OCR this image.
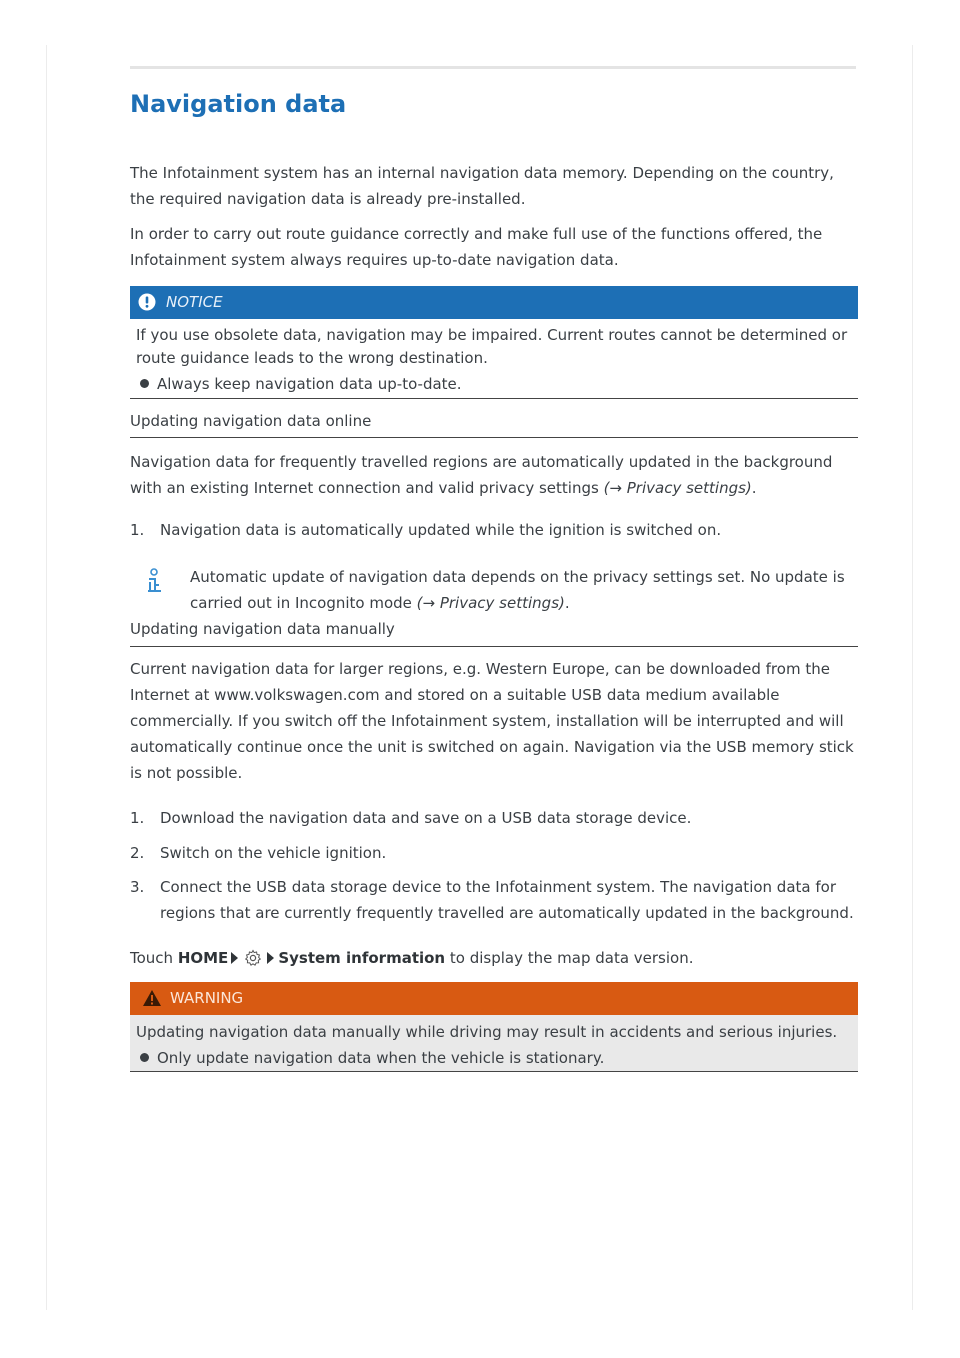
Navigation data

The Infotainment system has an internal navigation data memory. Depending on the country, the required navigation data is already pre-installed.

In order to carry out route guidance correctly and make full use of the functions offered, the Infotainment system always requires up-to-date navigation data.

NOTICE
If you use obsolete data, navigation may be impaired. Current routes cannot be determined or route guidance leads to the wrong destination.
Always keep navigation data up-to-date.
Updating navigation data online

Navigation data for frequently travelled regions are automatically updated in the background with an existing Internet connection and valid privacy settings (→ Privacy settings).

1. Navigation data is automatically updated while the ignition is switched on.
Automatic update of navigation data depends on the privacy settings set. No update is carried out in Incognito mode (→ Privacy settings).
Updating navigation data manually

Current navigation data for larger regions, e.g. Western Europe, can be downloaded from the Internet at www.volkswagen.com and stored on a suitable USB data medium available commercially. If you switch off the Infotainment system, installation will be interrupted and will automatically continue once the unit is switched on again. Navigation via the USB memory stick is not possible.

1. Download the navigation data and save on a USB data storage device.
2. Switch on the vehicle ignition.
3. Connect the USB data storage device to the Infotainment system. The navigation data for regions that are currently frequently travelled are automatically updated in the background.
Touch HOME	System information to display the map data version.
WARNING
Updating navigation data manually while driving may result in accidents and serious injuries.
Only update navigation data when the vehicle is stationary.
